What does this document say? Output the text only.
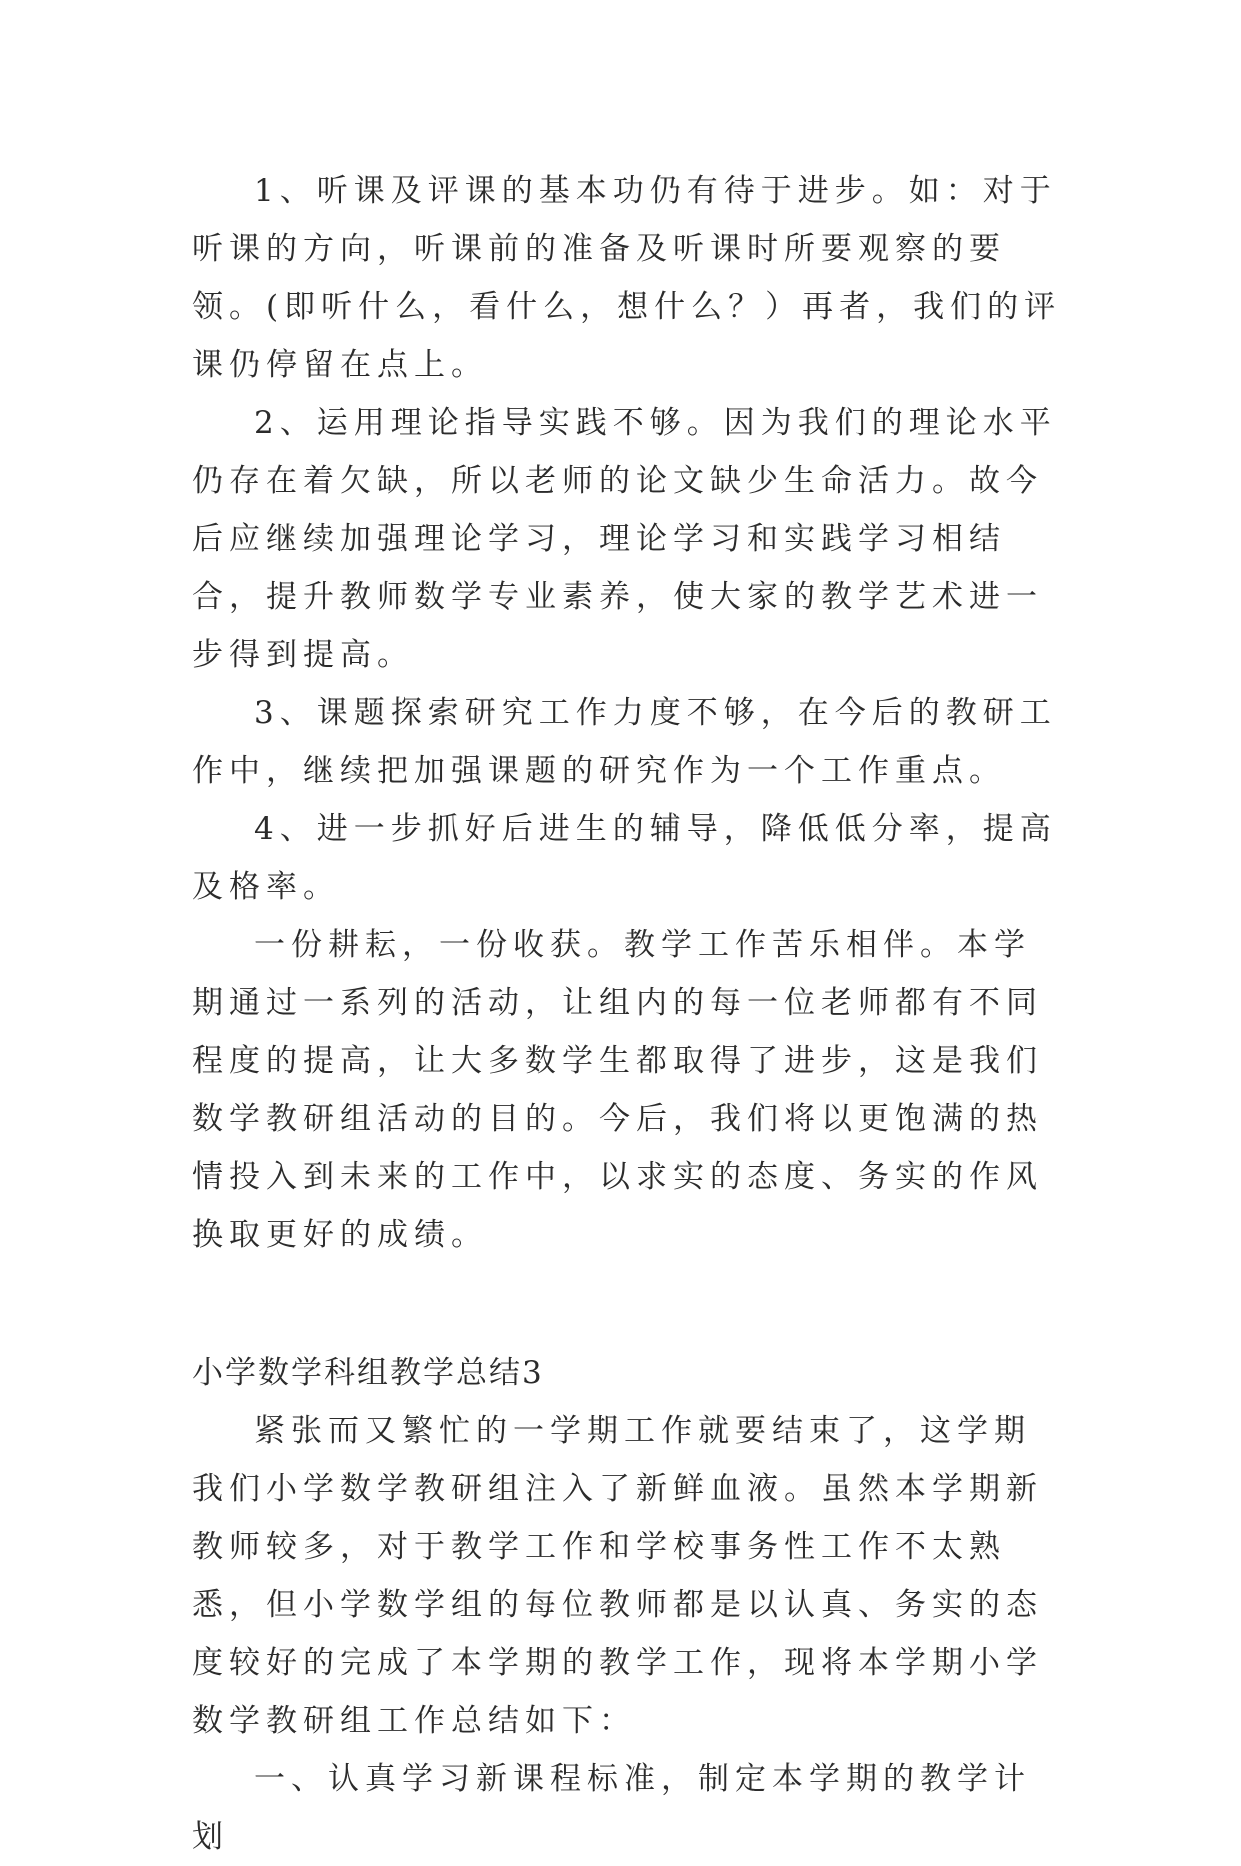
1、听课及评课的基本功仍有待于进步。如：对于听课的方向，听课前的准备及听课时所要观察的要领。(即听什么，看什么，想什么？）再者，我们的评课仍停留在点上。

2、运用理论指导实践不够。因为我们的理论水平仍存在着欠缺，所以老师的论文缺少生命活力。故今后应继续加强理论学习，理论学习和实践学习相结合，提升教师数学专业素养，使大家的教学艺术进一步得到提高。

3、课题探索研究工作力度不够，在今后的教研工作中，继续把加强课题的研究作为一个工作重点。

4、进一步抓好后进生的辅导，降低低分率，提高及格率。

一份耕耘，一份收获。教学工作苦乐相伴。本学期通过一系列的活动，让组内的每一位老师都有不同程度的提高，让大多数学生都取得了进步，这是我们数学教研组活动的目的。今后，我们将以更饱满的热情投入到未来的工作中，以求实的态度、务实的作风换取更好的成绩。

小学数学科组教学总结3

紧张而又繁忙的一学期工作就要结束了，这学期我们小学数学教研组注入了新鲜血液。虽然本学期新教师较多，对于教学工作和学校事务性工作不太熟悉，但小学数学组的每位教师都是以认真、务实的态度较好的完成了本学期的教学工作，现将本学期小学数学教研组工作总结如下：

一、认真学习新课程标准，制定本学期的教学计划
